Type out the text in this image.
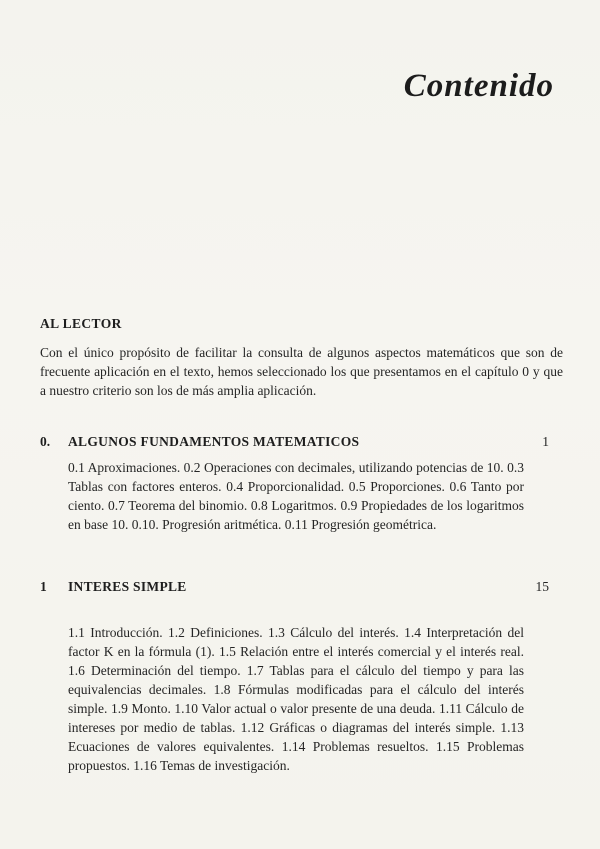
Contenido
AL LECTOR

Con el único propósito de facilitar la consulta de algunos aspectos matemáticos que son de frecuente aplicación en el texto, hemos seleccionado los que presentamos en el capítulo 0 y que a nuestro criterio son los de más amplia aplicación.

0.	ALGUNOS FUNDAMENTOS MATEMATICOS	1

0.1 Aproximaciones. 0.2 Operaciones con decimales, utilizando potencias de 10. 0.3 Tablas con factores enteros. 0.4 Proporcionalidad. 0.5 Proporciones. 0.6 Tanto por ciento. 0.7 Teorema del binomio. 0.8 Logaritmos. 0.9 Propiedades de los logaritmos en base 10. 0.10. Progresión aritmética. 0.11 Progresión geométrica.

1	INTERES SIMPLE	15

1.1 Introducción. 1.2 Definiciones. 1.3 Cálculo del interés. 1.4 Interpretación del factor K en la fórmula (1). 1.5 Relación entre el interés comercial y el interés real. 1.6 Determinación del tiempo. 1.7 Tablas para el cálculo del tiempo y para las equivalencias decimales. 1.8 Fórmulas modificadas para el cálculo del interés simple. 1.9 Monto. 1.10 Valor actual o valor presente de una deuda. 1.11 Cálculo de intereses por medio de tablas. 1.12 Gráficas o diagramas del interés simple. 1.13 Ecuaciones de valores equivalentes. 1.14 Problemas resueltos. 1.15 Problemas propuestos. 1.16 Temas de investigación.
